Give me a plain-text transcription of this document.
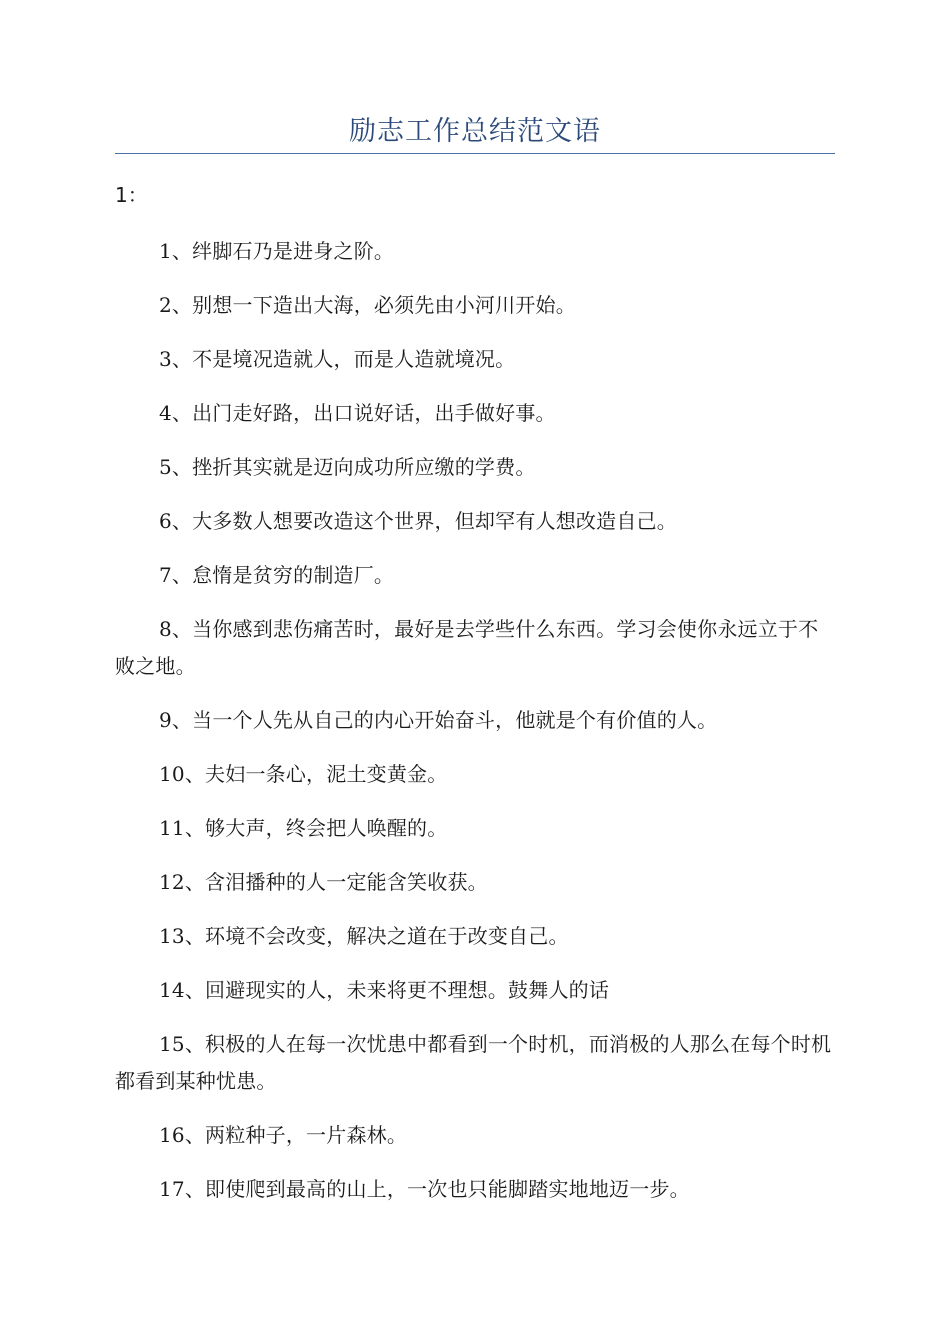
励志工作总结范文语
1：
1、绊脚石乃是进身之阶。
2、别想一下造出大海，必须先由小河川开始。
3、不是境况造就人，而是人造就境况。
4、出门走好路，出口说好话，出手做好事。
5、挫折其实就是迈向成功所应缴的学费。
6、大多数人想要改造这个世界，但却罕有人想改造自己。
7、怠惰是贫穷的制造厂。
8、当你感到悲伤痛苦时，最好是去学些什么东西。学习会使你永远立于不败之地。
9、当一个人先从自己的内心开始奋斗，他就是个有价值的人。
10、夫妇一条心，泥土变黄金。
11、够大声，终会把人唤醒的。
12、含泪播种的人一定能含笑收获。
13、环境不会改变，解决之道在于改变自己。
14、回避现实的人，未来将更不理想。鼓舞人的话
15、积极的人在每一次忧患中都看到一个时机，而消极的人那么在每个时机都看到某种忧患。
16、两粒种子，一片森林。
17、即使爬到最高的山上，一次也只能脚踏实地地迈一步。
